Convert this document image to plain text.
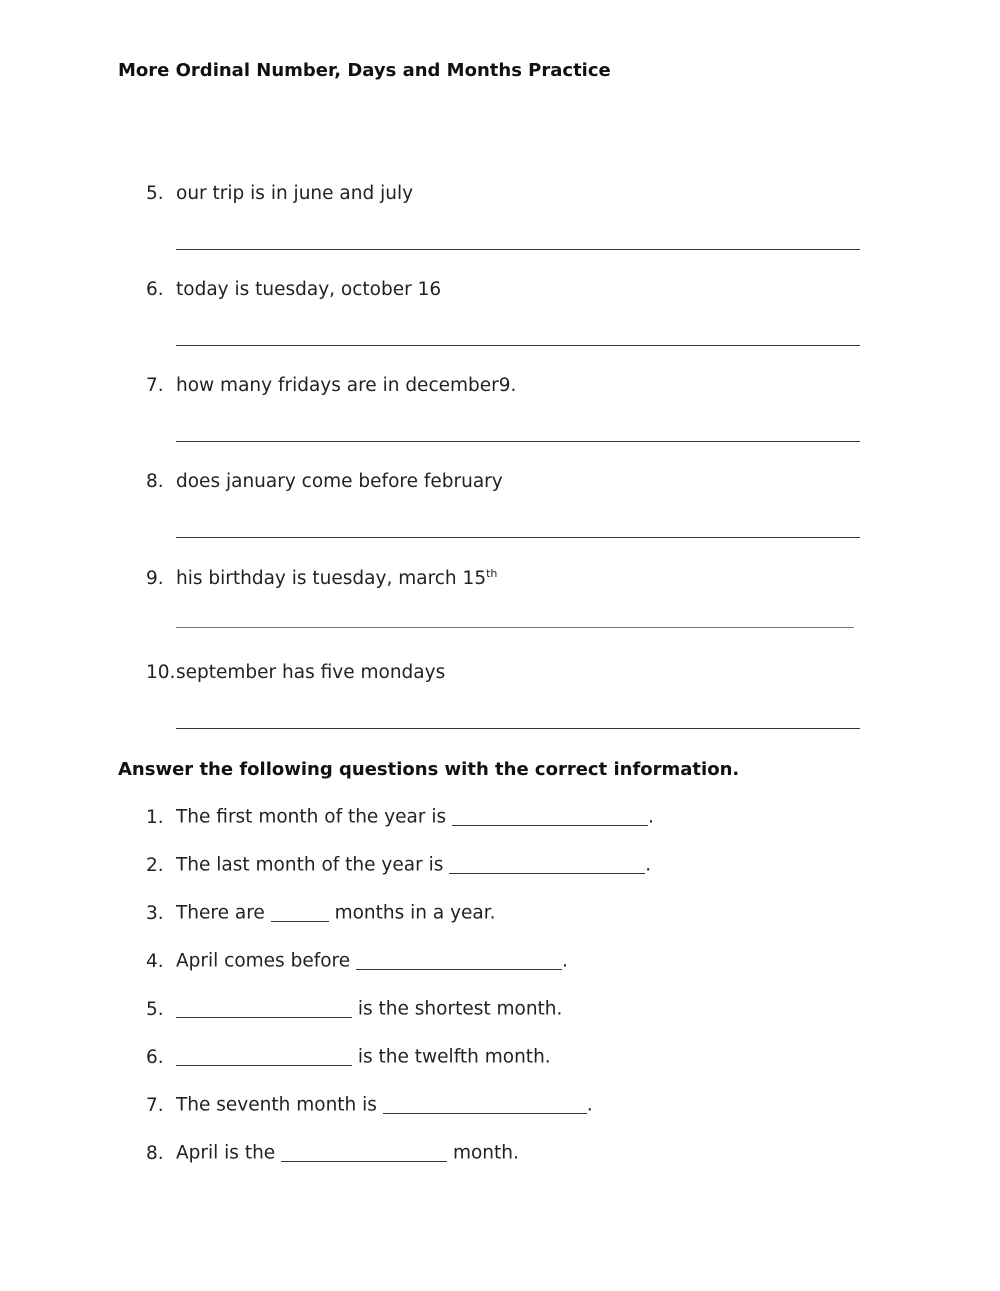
More Ordinal Number, Days and Months Practice
5. our trip is in june and july
6. today is tuesday, october 16
7. how many fridays are in december9.
8. does january come before february
9. his birthday is tuesday, march 15th
10.september has five mondays
Answer the following questions with the correct information.
1. The first month of the year is	.
2. The last month of the year is	.
3. There are	months in a year.
4. April comes before	.
5.	is the shortest month.
6.	is the twelfth month.
7. The seventh month is	.
8. April is the	month.
